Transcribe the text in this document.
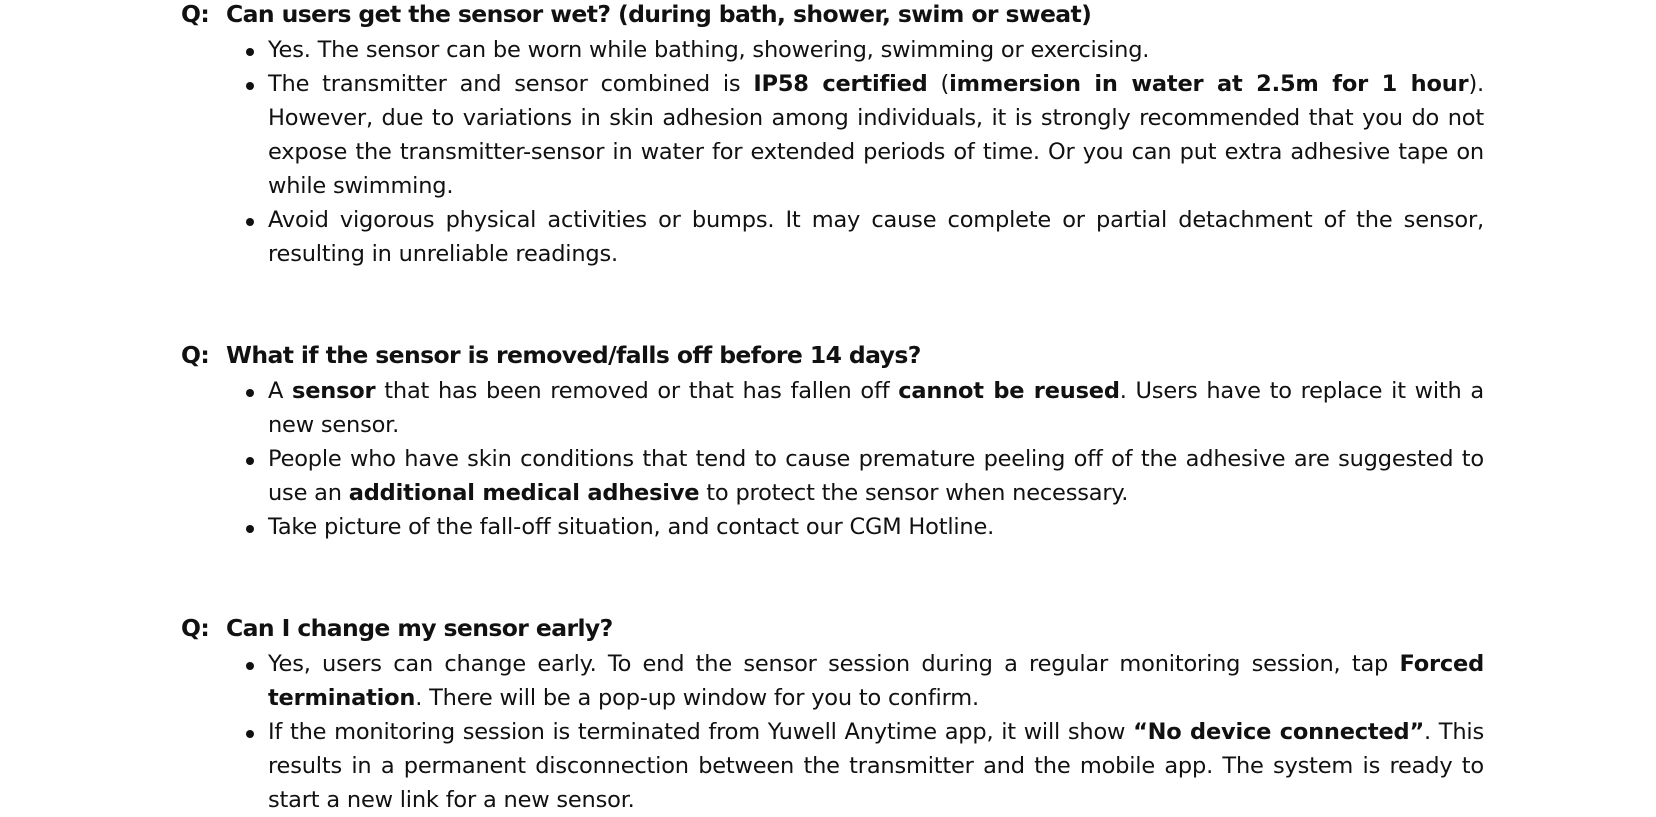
Q: Can users get the sensor wet? (during bath, shower, swim or sweat)
Yes. The sensor can be worn while bathing, showering, swimming or exercising.
The transmitter and sensor combined is IP58 certified (immersion in water at 2.5m for 1 hour). However, due to variations in skin adhesion among individuals, it is strongly recommended that you do not expose the transmitter-sensor in water for extended periods of time. Or you can put extra adhesive tape on while swimming.
Avoid vigorous physical activities or bumps. It may cause complete or partial detachment of the sensor, resulting in unreliable readings.
Q: What if the sensor is removed/falls off before 14 days?
A sensor that has been removed or that has fallen off cannot be reused. Users have to replace it with a new sensor.
People who have skin conditions that tend to cause premature peeling off of the adhesive are suggested to use an additional medical adhesive to protect the sensor when necessary.
Take picture of the fall-off situation, and contact our CGM Hotline.
Q: Can I change my sensor early?
Yes, users can change early. To end the sensor session during a regular monitoring session, tap Forced termination. There will be a pop-up window for you to confirm.
If the monitoring session is terminated from Yuwell Anytime app, it will show “No device connected”. This results in a permanent disconnection between the transmitter and the mobile app. The system is ready to start a new link for a new sensor.
